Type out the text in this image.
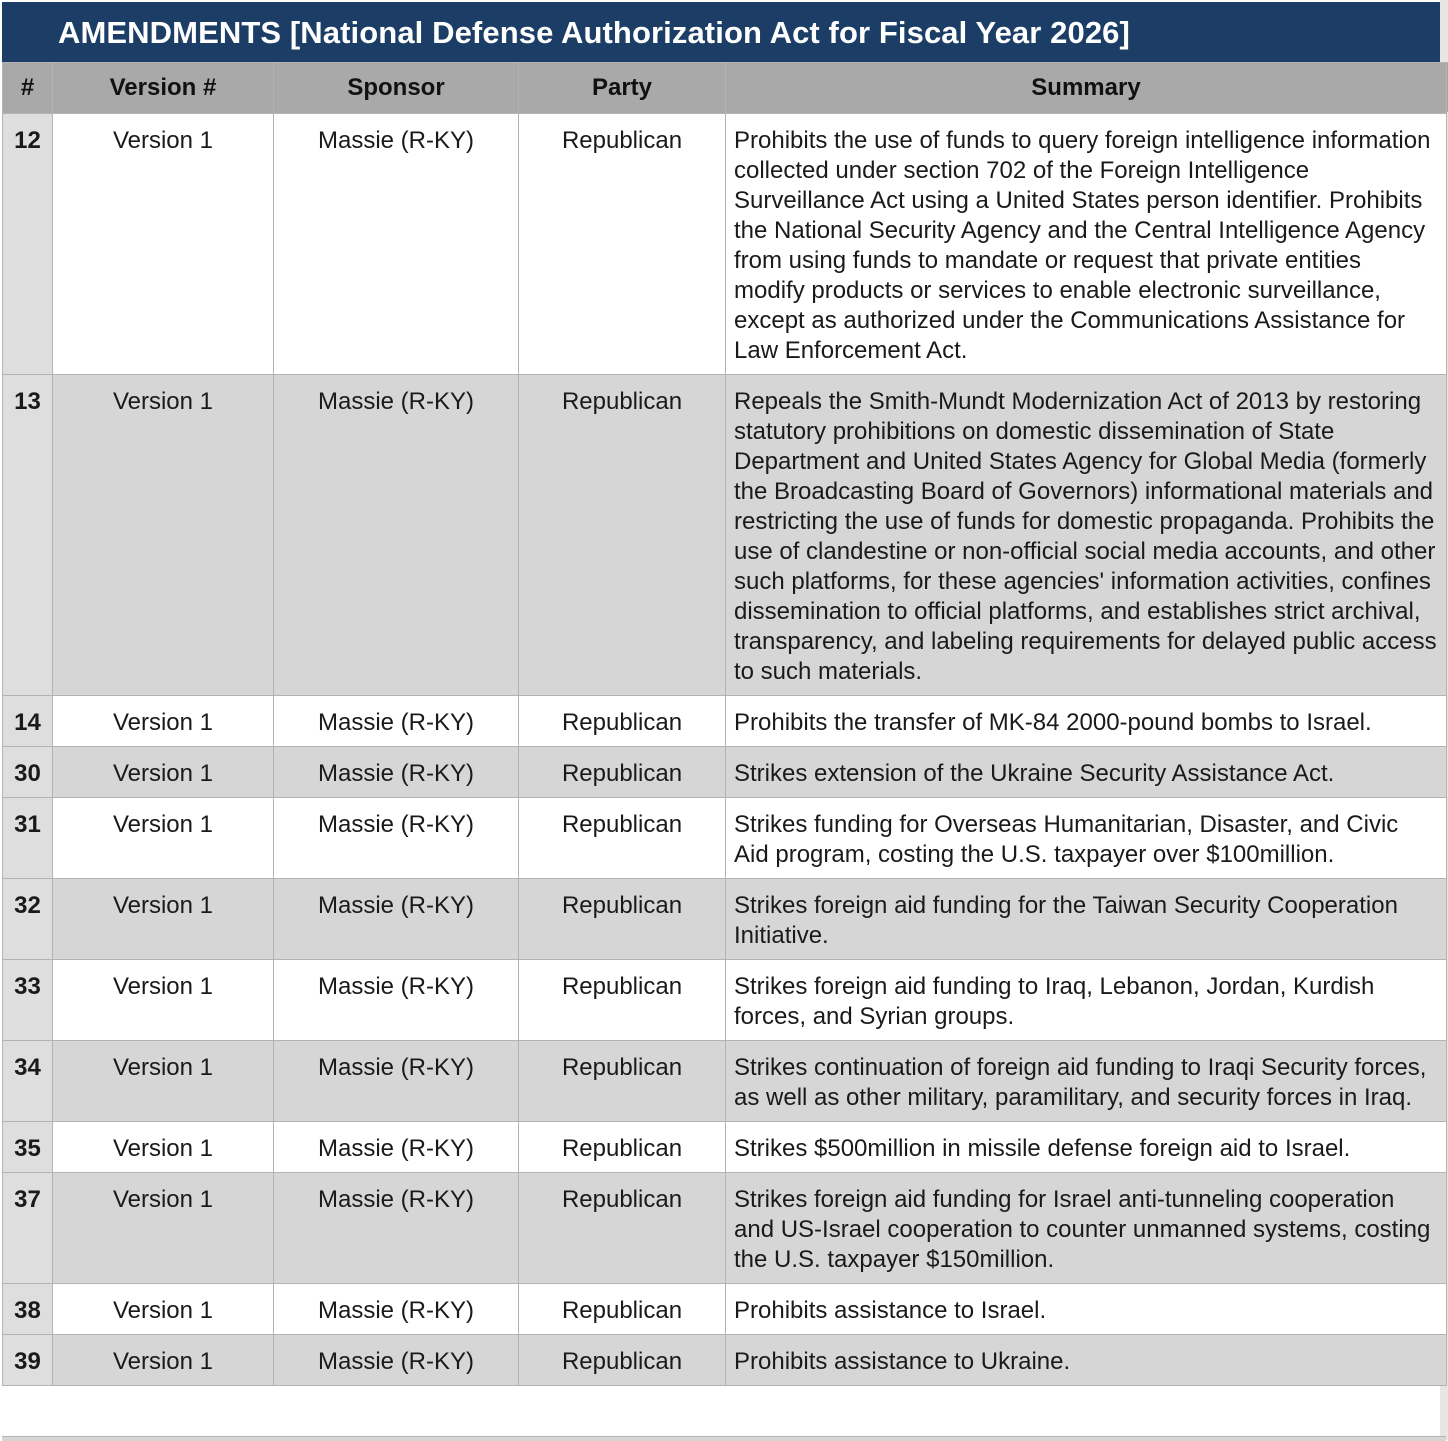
AMENDMENTS [National Defense Authorization Act for Fiscal Year 2026]
#	Version #	Sponsor	Party	Summary
12	Version 1	Massie (R-KY)	Republican	Prohibits the use of funds to query foreign intelligence information collected under section 702 of the Foreign Intelligence Surveillance Act using a United States person identifier. Prohibits the National Security Agency and the Central Intelligence Agency from using funds to mandate or request that private entities modify products or services to enable electronic surveillance, except as authorized under the Communications Assistance for Law Enforcement Act.
13	Version 1	Massie (R-KY)	Republican	Repeals the Smith-Mundt Modernization Act of 2013 by restoring statutory prohibitions on domestic dissemination of State Department and United States Agency for Global Media (formerly the Broadcasting Board of Governors) informational materials and restricting the use of funds for domestic propaganda. Prohibits the use of clandestine or non-official social media accounts, and other such platforms, for these agencies' information activities, confines dissemination to official platforms, and establishes strict archival, transparency, and labeling requirements for delayed public access to such materials.
14	Version 1	Massie (R-KY)	Republican	Prohibits the transfer of MK-84 2000-pound bombs to Israel.
30	Version 1	Massie (R-KY)	Republican	Strikes extension of the Ukraine Security Assistance Act.
31	Version 1	Massie (R-KY)	Republican	Strikes funding for Overseas Humanitarian, Disaster, and Civic Aid program, costing the U.S. taxpayer over $100million.
32	Version 1	Massie (R-KY)	Republican	Strikes foreign aid funding for the Taiwan Security Cooperation Initiative.
33	Version 1	Massie (R-KY)	Republican	Strikes foreign aid funding to Iraq, Lebanon, Jordan, Kurdish forces, and Syrian groups.
34	Version 1	Massie (R-KY)	Republican	Strikes continuation of foreign aid funding to Iraqi Security forces, as well as other military, paramilitary, and security forces in Iraq.
35	Version 1	Massie (R-KY)	Republican	Strikes $500million in missile defense foreign aid to Israel.
37	Version 1	Massie (R-KY)	Republican	Strikes foreign aid funding for Israel anti-tunneling cooperation and US-Israel cooperation to counter unmanned systems, costing the U.S. taxpayer $150million.
38	Version 1	Massie (R-KY)	Republican	Prohibits assistance to Israel.
39	Version 1	Massie (R-KY)	Republican	Prohibits assistance to Ukraine.
